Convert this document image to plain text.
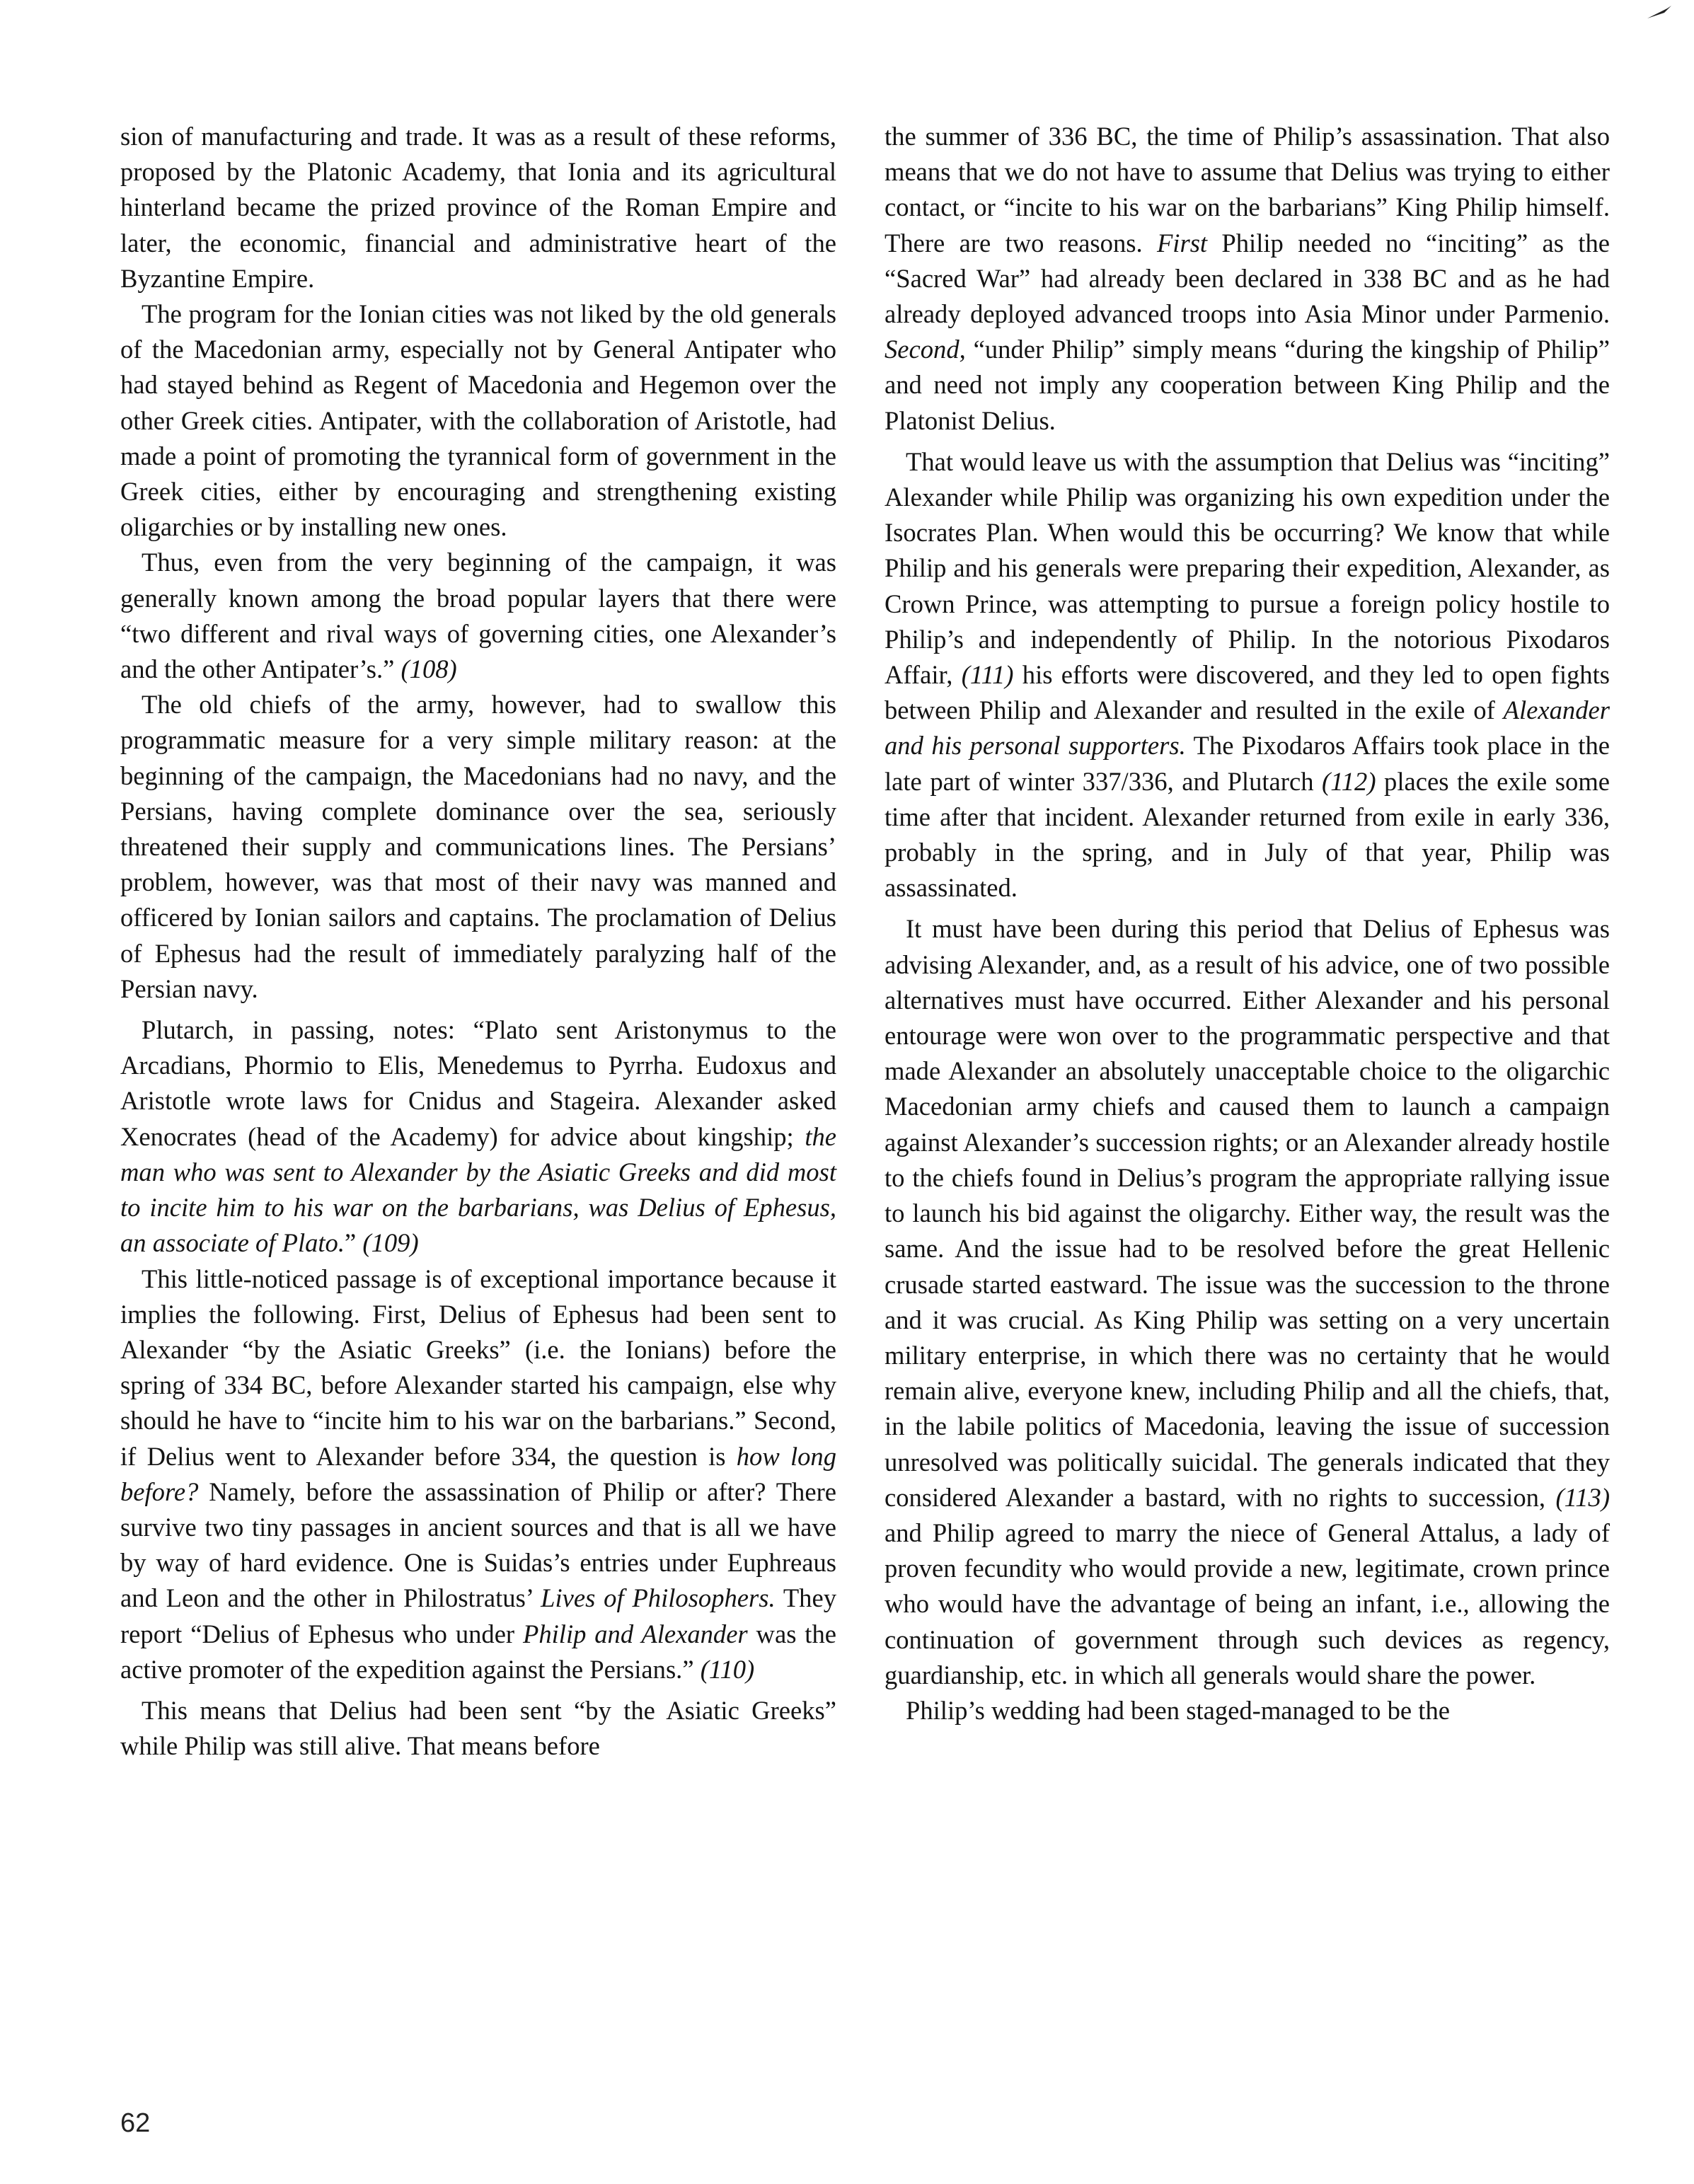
sion of manufacturing and trade. It was as a result of these reforms, proposed by the Platonic Academy, that Ionia and its agricultural hinterland became the prized province of the Roman Empire and later, the economic, financial and administrative heart of the Byzantine Empire.

The program for the Ionian cities was not liked by the old generals of the Macedonian army, especially not by General Antipater who had stayed behind as Regent of Macedonia and Hegemon over the other Greek cities. Antipater, with the collaboration of Aristotle, had made a point of promoting the tyrannical form of government in the Greek cities, either by encouraging and strengthening existing oligarchies or by installing new ones.

Thus, even from the very beginning of the campaign, it was generally known among the broad popular layers that there were “two different and rival ways of governing cities, one Alexander’s and the other Antipater’s.” (108)

The old chiefs of the army, however, had to swallow this programmatic measure for a very simple military reason: at the beginning of the campaign, the Macedonians had no navy, and the Persians, having complete dominance over the sea, seriously threatened their supply and communications lines. The Persians’ problem, however, was that most of their navy was manned and officered by Ionian sailors and captains. The proclamation of Delius of Ephesus had the result of immediately paralyzing half of the Persian navy.

Plutarch, in passing, notes: “Plato sent Aristonymus to the Arcadians, Phormio to Elis, Menedemus to Pyrrha. Eudoxus and Aristotle wrote laws for Cnidus and Stageira. Alexander asked Xenocrates (head of the Academy) for advice about kingship; the man who was sent to Alexander by the Asiatic Greeks and did most to incite him to his war on the barbarians, was Delius of Ephesus, an associate of Plato.” (109)

This little-noticed passage is of exceptional importance because it implies the following. First, Delius of Ephesus had been sent to Alexander “by the Asiatic Greeks” (i.e. the Ionians) before the spring of 334 BC, before Alexander started his campaign, else why should he have to “incite him to his war on the barbarians.” Second, if Delius went to Alexander before 334, the question is how long before? Namely, before the assassination of Philip or after? There survive two tiny passages in ancient sources and that is all we have by way of hard evidence. One is Suidas’s entries under Euphreaus and Leon and the other in Philostratus’ Lives of Philosophers. They report “Delius of Ephesus who under Philip and Alexander was the active promoter of the expedition against the Persians.” (110)

This means that Delius had been sent “by the Asiatic Greeks” while Philip was still alive. That means before

the summer of 336 BC, the time of Philip’s assassination. That also means that we do not have to assume that Delius was trying to either contact, or “incite to his war on the barbarians” King Philip himself. There are two reasons. First Philip needed no “inciting” as the “Sacred War” had already been declared in 338 BC and as he had already deployed advanced troops into Asia Minor under Parmenio. Second, “under Philip” simply means “during the kingship of Philip” and need not imply any cooperation between King Philip and the Platonist Delius.

That would leave us with the assumption that Delius was “inciting” Alexander while Philip was organizing his own expedition under the Isocrates Plan. When would this be occurring? We know that while Philip and his generals were preparing their expedition, Alexander, as Crown Prince, was attempting to pursue a foreign policy hostile to Philip’s and independently of Philip. In the notorious Pixodaros Affair, (111) his efforts were discovered, and they led to open fights between Philip and Alexander and resulted in the exile of Alexander and his personal supporters. The Pixodaros Affairs took place in the late part of winter 337/336, and Plutarch (112) places the exile some time after that incident. Alexander returned from exile in early 336, probably in the spring, and in July of that year, Philip was assassinated.

It must have been during this period that Delius of Ephesus was advising Alexander, and, as a result of his advice, one of two possible alternatives must have occurred. Either Alexander and his personal entourage were won over to the programmatic perspective and that made Alexander an absolutely unacceptable choice to the oligarchic Macedonian army chiefs and caused them to launch a campaign against Alexander’s succession rights; or an Alexander already hostile to the chiefs found in Delius’s program the appropriate rallying issue to launch his bid against the oligarchy. Either way, the result was the same. And the issue had to be resolved before the great Hellenic crusade started eastward. The issue was the succession to the throne and it was crucial. As King Philip was setting on a very uncertain military enterprise, in which there was no certainty that he would remain alive, everyone knew, including Philip and all the chiefs, that, in the labile politics of Macedonia, leaving the issue of succession unresolved was politically suicidal. The generals indicated that they considered Alexander a bastard, with no rights to succession, (113) and Philip agreed to marry the niece of General Attalus, a lady of proven fecundity who would provide a new, legitimate, crown prince who would have the advantage of being an infant, i.e., allowing the continuation of government through such devices as regency, guardianship, etc. in which all generals would share the power.

Philip’s wedding had been staged-managed to be the

62
